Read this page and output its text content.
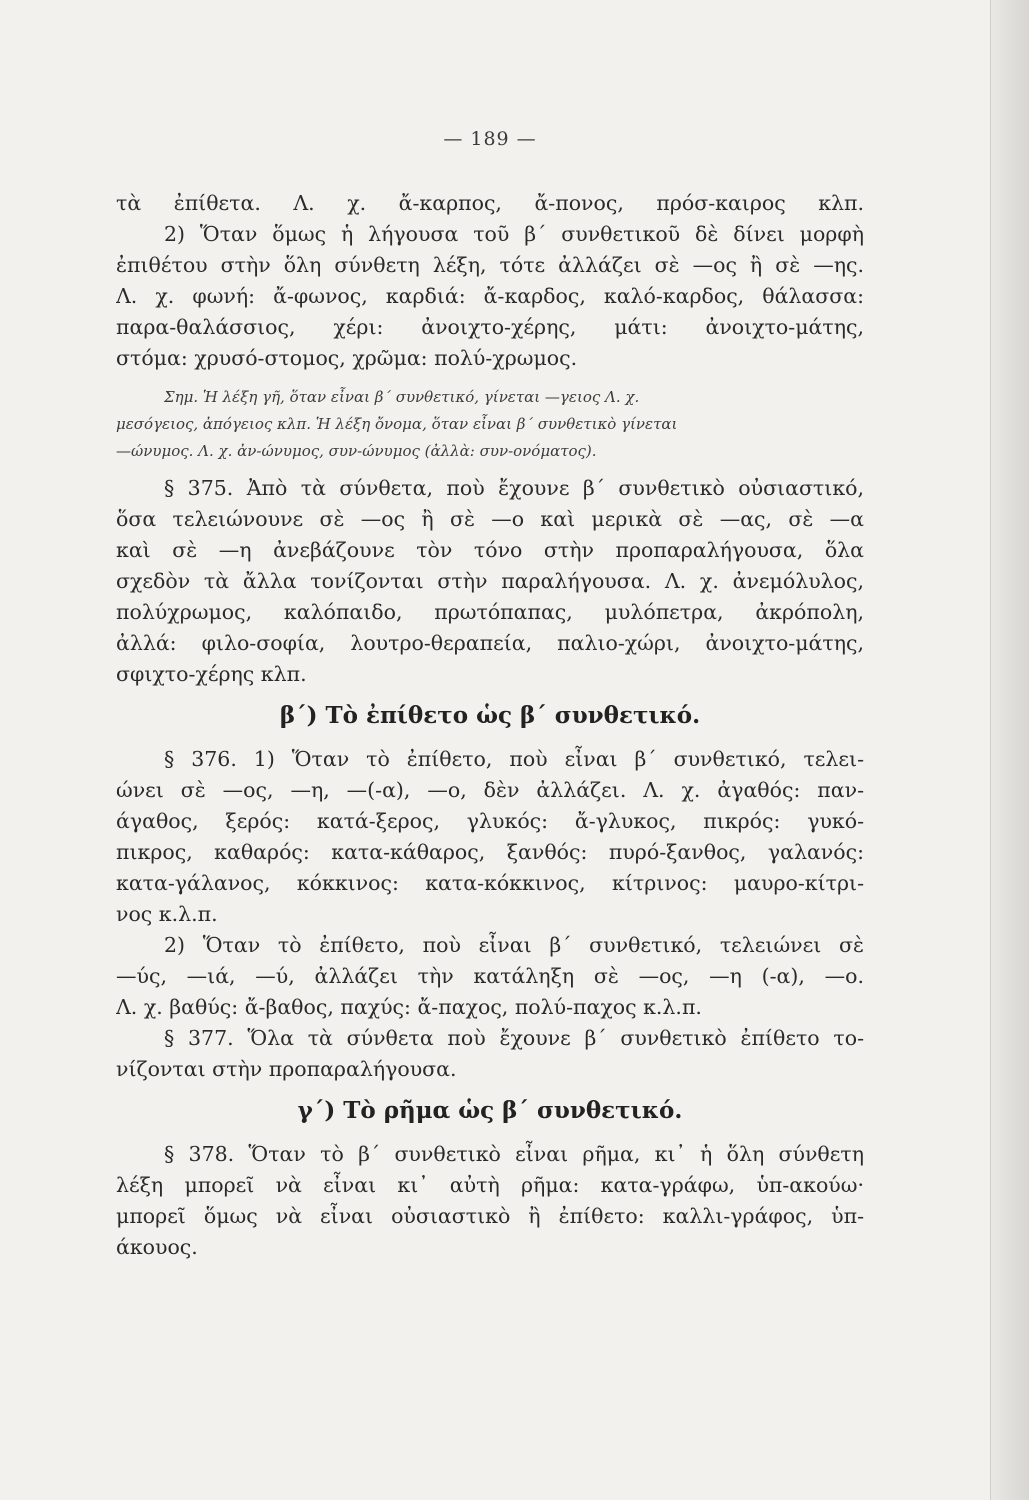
— 189 —
τὰ ἐπίθετα. Λ. χ. ἄ-καρπος, ἄ-πονος, πρόσ-καιρος κλπ.
2) Ὅταν ὅμως ἡ λήγουσα τοῦ β΄ συνθετικοῦ δὲ δίνει μορφὴ
ἐπιθέτου στὴν ὅλη σύνθετη λέξη, τότε ἀλλάζει σὲ —ος ἢ σὲ —ης.
Λ. χ. φωνή: ἄ-φωνος, καρδιά: ἄ-καρδος, καλό-καρδος, θάλασσα:
παρα-θαλάσσιος, χέρι: ἀνοιχτο-χέρης, μάτι: ἀνοιχτο-μάτης,
στόμα: χρυσό-στομος, χρῶμα: πολύ-χρωμος.
Σημ. Ἡ λέξη γῆ, ὅταν εἶναι β΄ συνθετικό, γίνεται —γειος Λ. χ.
μεσόγειος, ἀπόγειος κλπ. Ἡ λέξη ὄνομα, ὅταν εἶναι β΄ συνθετικὸ γίνεται
—ώνυμος. Λ. χ. ἀν-ώνυμος, συν-ώνυμος (ἀλλὰ: συν-ονόματος).
§ 375. Ἀπὸ τὰ σύνθετα, ποὺ ἔχουνε β΄ συνθετικὸ οὐσιαστικό,
ὅσα τελειώνουνε σὲ —ος ἢ σὲ —ο καὶ μερικὰ σὲ —ας, σὲ —α
καὶ σὲ —η ἀνεβάζουνε τὸν τόνο στὴν προπαραλήγουσα, ὅλα
σχεδὸν τὰ ἄλλα τονίζονται στὴν παραλήγουσα. Λ. χ. ἀνεμόλυλος,
πολύχρωμος, καλόπαιδο, πρωτόπαπας, μυλόπετρα, ἀκρόπολη,
ἀλλά: φιλο-σοφία, λουτρο-θεραπεία, παλιο-χώρι, ἀνοιχτο-μάτης,
σφιχτο-χέρης κλπ.
β΄) Τὸ ἐπίθετο ὡς β΄ συνθετικό.
§ 376. 1) Ὅταν τὸ ἐπίθετο, ποὺ εἶναι β΄ συνθετικό, τελει-
ώνει σὲ —ος, —η, —(-α), —ο, δὲν ἀλλάζει. Λ. χ. ἀγαθός: παν-
άγαθος, ξερός: κατά-ξερος, γλυκός: ἄ-γλυκος, πικρός: γυκό-
πικρος, καθαρός: κατα-κάθαρος, ξανθός: πυρό-ξανθος, γαλανός:
κατα-γάλανος, κόκκινος: κατα-κόκκινος, κίτρινος: μαυρο-κίτρι-
νος κ.λ.π.
2) Ὅταν τὸ ἐπίθετο, ποὺ εἶναι β΄ συνθετικό, τελειώνει σὲ
—ύς, —ιά, —ύ, ἀλλάζει τὴν κατάληξη σὲ —ος, —η (-α), —ο.
Λ. χ. βαθύς: ἄ-βαθος, παχύς: ἄ-παχος, πολύ-παχος κ.λ.π.
§ 377. Ὅλα τὰ σύνθετα ποὺ ἔχουνε β΄ συνθετικὸ ἐπίθετο το-
νίζονται στὴν προπαραλήγουσα.
γ΄) Τὸ ρῆμα ὡς β΄ συνθετικό.
§ 378. Ὅταν τὸ β΄ συνθετικὸ εἶναι ρῆμα, κι᾿ ἡ ὅλη σύνθετη
λέξη μπορεῖ νὰ εἶναι κι᾿ αὐτὴ ρῆμα: κατα-γράφω, ὑπ-ακούω·
μπορεῖ ὅμως νὰ εἶναι οὐσιαστικὸ ἢ ἐπίθετο: καλλι-γράφος, ὑπ-
άκουος.
